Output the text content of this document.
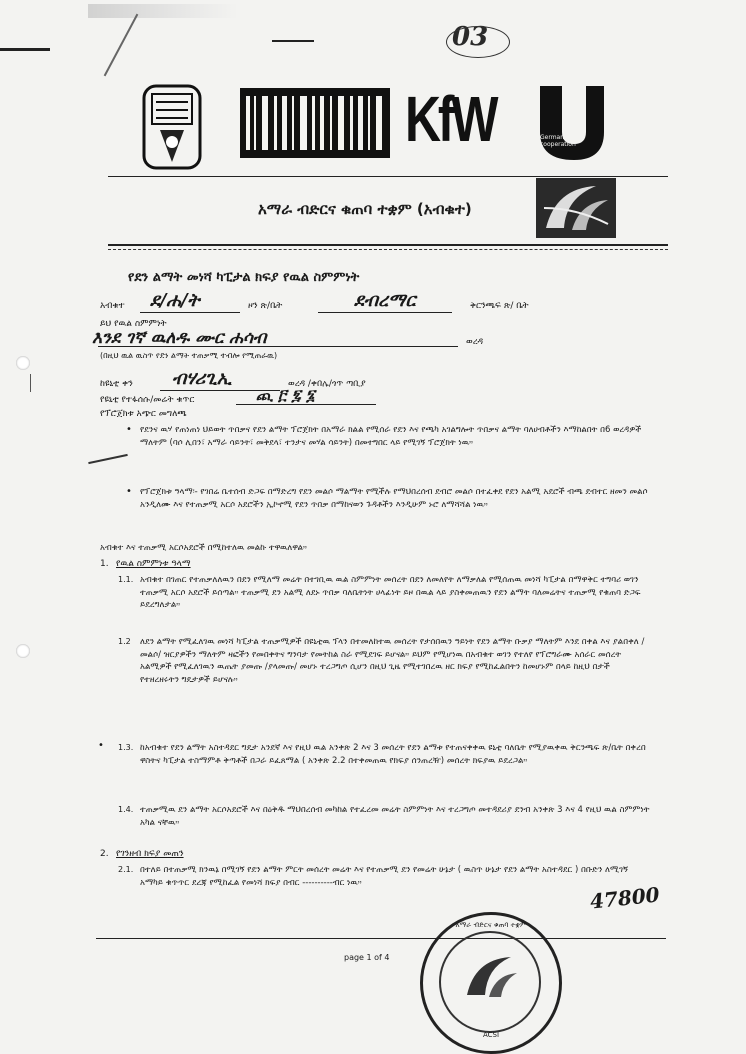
03
KfW	German cooperation
አማራ ብድርና ቁጠባ ተቋም (አብቁተ)
የደን ልማት መነሻ ካፒታል ክፍያ የዉል ስምምነት
አብቁተ ደ/ሐ/ት	ዞን ጽ/ቤት	ደብረማር	ቅርንጫፍ ጽ/ ቤት
ይህ የዉል ስምምነት
እንደ ገኛ ዉለዱ ሙር ሐሳብ	ወረዳ
(በዚህ ዉል ዉስጥ የደን ልማት ተጠቃሚ ተብሎ የሚጠራዉ)
ከዩኒቲ ቀን ብሃሪጊኢ	ወረዳ /ቀበሌ/ጎጥ ጣቢያ
የዩኒቲ የተፋሰሱ/መሬት ቁጥር	ጪ ፫ ፯ ፮
የፕሮጀክቱ አጭር መግለጫ
• የደንና ዉሃ የጠነጠነ ህይወት ጥበቃና የደን ልማት ፕሮጀክት በአማራ ክልል የሚሰራ የደን እና የጫካ አገልግሎት ጥበቃና ልማት ባለሀብቶችን እማከልበት በ6 ወረዳዎች ማለትም (ባሶ ሊበን፣ አማራ ሳይንት፣ መቅደላ፣ ተንታና መሃል ሳይንት) በመተግበር ላይ የሚገኝ ፕሮጀክት ነዉ።
• የፕሮጀክቱ ዓላማ፡- የገበሬ ቤተሰብ ድጋፍ በማድረግ የደን መልሶ ማልማት የሚችሉ የማህበረሰብ ደብሮ መልሶ በተፈቀደ የደን አልሚ አደሮች ብጫ ደብተር ዘመን መልሶ አንዲለሙ እና የተጠቃሚ አርሶ አደሮችን ኢኮኖሚ የደን ጥበቃ በማከናወን ጉዳቶችን እንዲሁም ኑሮ ለማሻሻል ነዉ።
አብቁተ እና ተጠቃሚ አርሶአደሮች በሚከተለዉ መልኩ ተዋዉለዋል።
1. የዉል ስምምነቱ ዓላማ
1.1. አብቁተ በገጠር የተጠቃለለዉን በደን የሚለማ መሬት በተገቢዉ ዉል ስምምነት መሰረት በደን ለመለየት ለማቃለል የሚሰጠዉ መነሻ ካፒታል በማዋቅር ተግባሪ ወገን ተጠቃሚ አርሶ አደሮች ይሰጣል። ተጠቃሚ ደን አልሚ ለደኑ ጥበቃ ባለቤትነት ሀላፊነት ይዞ በዉል ላይ ያስቀመጠዉን የደን ልማት ባለመሬትና ተጠቃሚ የቁጠባ ድጋፍ ይደረግለታል።
1.2 ለደን ልማት የሚፈለገዉ መነሻ ካፒታል ተጠቃሚዎች በዩኒቲዉ ፕላን በተመለከተዉ መሰረት የታሰበዉን ዓይነት የደን ልማት ቡቃያ ማለትም እንደ በቀል እና ያልበቀለ /መልሶ/ ዝርያዎችን ማለትም ዛፎችን የመበቀትና ግንባታ የመትከል ስራ የሚደገፍ ይሆናል። ይህም የሚሆነዉ በአብቁተ ወገን የተለየ የፕሮግራሙ አሰራር መሰረት አልሚዎች የሚፈለገዉን ዉጤት ያመጡ /ያላመጡ/ መሆኑ ተረጋግጦ ሲሆን በዚህ ጊዜ የሚተገበረዉ ዘር ክፍያ የሚከፈልበትን ከመሆኑም በላይ ከዚህ በታች የተዘረዘሩትን ግዴታዎች ይሆናሉ።
• 1.3. ከአብቁተ የደን ልማት አስተዳደር ግዴታ አንደኛ እና የዚህ ዉል አንቀጽ 2 እና 3 መሰረት የደን ልማቱ የተጠናቀቀዉ ዩኒቲ ባለቤት የሚያዉቀዉ ቅርንጫፍ ጽ/ቤት በቀረበ ዋስትና ካፒታል ተስማምቶ ቅጣቶች በጋራ ይፈጸማል ( አንቀጽ 2.2 በተቀመጠዉ የክፍያ ሰንጠረዥ) መሰረት ክፍያዉ ይደረጋል።
1.4. ተጠቃሚዉ ደን ልማት አርሶአደሮች እና በዕቅዱ ማህበረሰብ መካከል የተፈረመ መሬት ስምምነት እና ተረጋግጦ መተዳደሪያ ደንብ አንቀጽ 3 እና 4 የዚህ ዉል ስምምነት አካል ናቸዉ።
2. የገንዘብ ክፍያ መጠን
2.1. በተለይ በተጠቃሚ ክንዉኔ በሚገኝ የደን ልማት ምርት መሰረት መሬት እና የተጠቃሚ ደን የመሬት ሁኔታ ( ዉስጥ ሁኔታ የደን ልማት አስተዳደር ) በቡድን ለሚገኝ አማካይ ቁጥጥር ደረጃ የሚከፈል የመነሻ ክፍያ በብር ----------ብር ነዉ።	47800
page 1 of 4
አማራ ብድርና ቁጠባ ተቋም
ACSI
